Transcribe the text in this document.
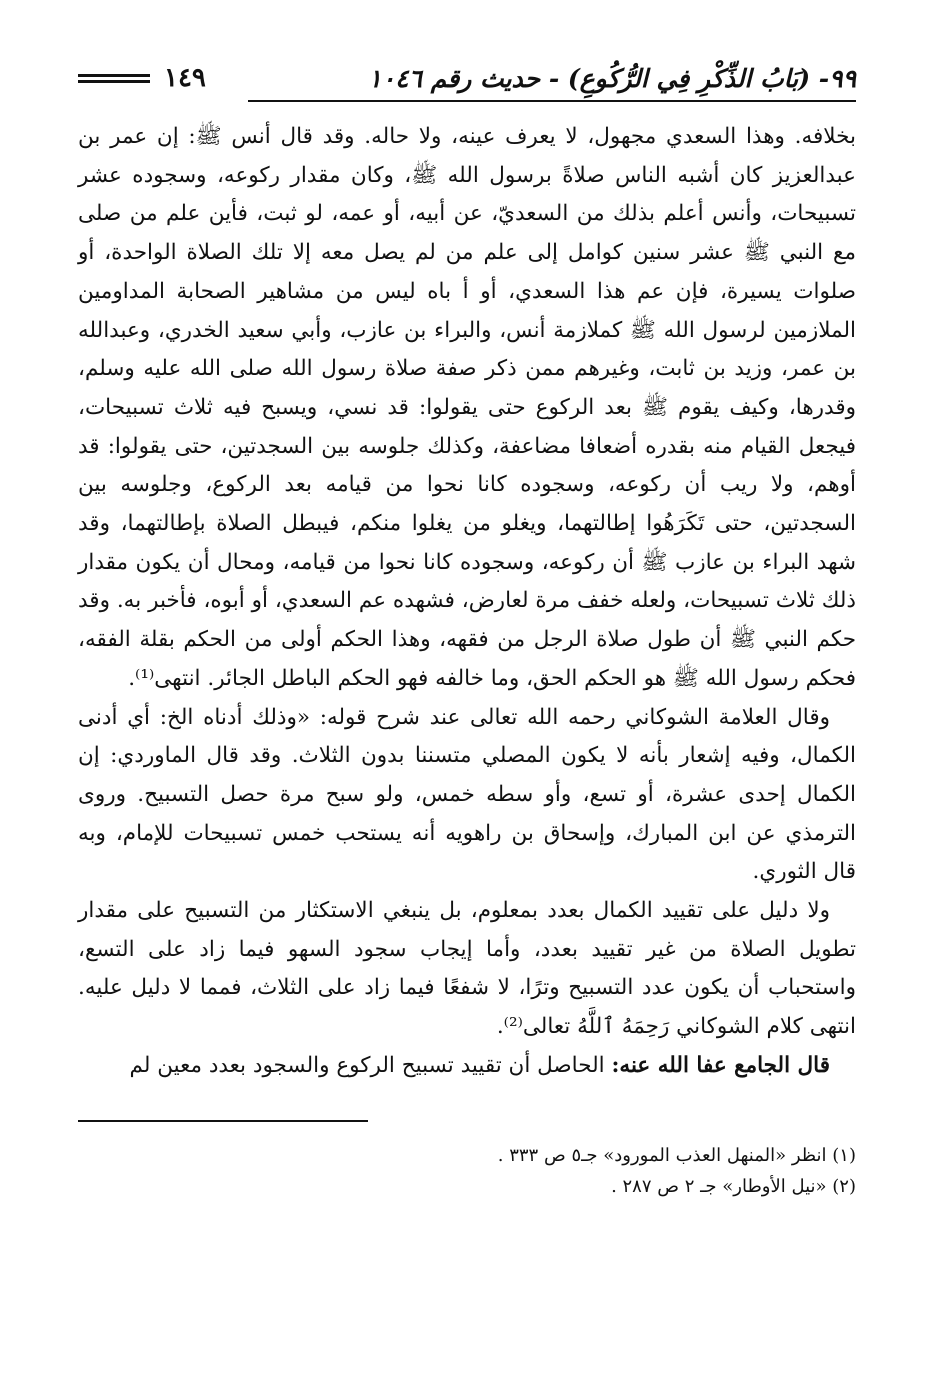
٩٩- (بَابُ الذِّكْرِ فِي الرُّكُوعِ) - حديث رقم ١٠٤٦
١٤٩

بخلافه. وهذا السعدي مجهول، لا يعرف عينه، ولا حاله. وقد قال أنس ﷺ: إن عمر بن عبدالعزيز كان أشبه الناس صلاةً برسول الله ﷺ، وكان مقدار ركوعه، وسجوده عشر تسبيحات، وأنس أعلم بذلك من السعديّ، عن أبيه، أو عمه، لو ثبت، فأين علم من صلى مع النبي ﷺ عشر سنين كوامل إلى علم من لم يصل معه إلا تلك الصلاة الواحدة، أو صلوات يسيرة، فإن عم هذا السعدي، أو أ باه ليس من مشاهير الصحابة المداومين الملازمين لرسول الله ﷺ كملازمة أنس، والبراء بن عازب، وأبي سعيد الخدري، وعبدالله بن عمر، وزيد بن ثابت، وغيرهم ممن ذكر صفة صلاة رسول الله صلى الله عليه وسلم، وقدرها، وكيف يقوم ﷺ بعد الركوع حتى يقولوا: قد نسي، ويسبح فيه ثلاث تسبيحات، فيجعل القيام منه بقدره أضعافا مضاعفة، وكذلك جلوسه بين السجدتين، حتى يقولوا: قد أوهم، ولا ريب أن ركوعه، وسجوده كانا نحوا من قيامه بعد الركوع، وجلوسه بين السجدتين، حتى تَكَرَهُوا إطالتهما، ويغلو من يغلوا منكم، فيبطل الصلاة بإطالتهما، وقد شهد البراء بن عازب ﷺ أن ركوعه، وسجوده كانا نحوا من قيامه، ومحال أن يكون مقدار ذلك ثلاث تسبيحات، ولعله خفف مرة لعارض، فشهده عم السعدي، أو أبوه، فأخبر به. وقد حكم النبي ﷺ أن طول صلاة الرجل من فقهه، وهذا الحكم أولى من الحكم بقلة الفقه، فحكم رسول الله ﷺ هو الحكم الحق، وما خالفه فهو الحكم الباطل الجائر. انتهى⁽¹⁾.

وقال العلامة الشوكاني رحمه الله تعالى عند شرح قوله: «وذلك أدناه الخ: أي أدنى الكمال، وفيه إشعار بأنه لا يكون المصلي متسننا بدون الثلاث. وقد قال الماوردي: إن الكمال إحدى عشرة، أو تسع، وأو سطه خمس، ولو سبح مرة حصل التسبيح. وروى الترمذي عن ابن المبارك، وإسحاق بن راهويه أنه يستحب خمس تسبيحات للإمام، وبه قال الثوري.

ولا دليل على تقييد الكمال بعدد بمعلوم، بل ينبغي الاستكثار من التسبيح على مقدار تطويل الصلاة من غير تقييد بعدد، وأما إيجاب سجود السهو فيما زاد على التسع، واستحباب أن يكون عدد التسبيح وترًا، لا شفعًا فيما زاد على الثلاث، فمما لا دليل عليه. انتهى كلام الشوكاني رَحِمَهُ ٱللَّهُ تعالى⁽²⁾.

قال الجامع عفا الله عنه: الحاصل أن تقييد تسبيح الركوع والسجود بعدد معين لم

(١) انظر «المنهل العذب المورود» جـ٥ ص ٣٣٣ .

(٢) «نيل الأوطار» جـ ٢ ص ٢٨٧ .
